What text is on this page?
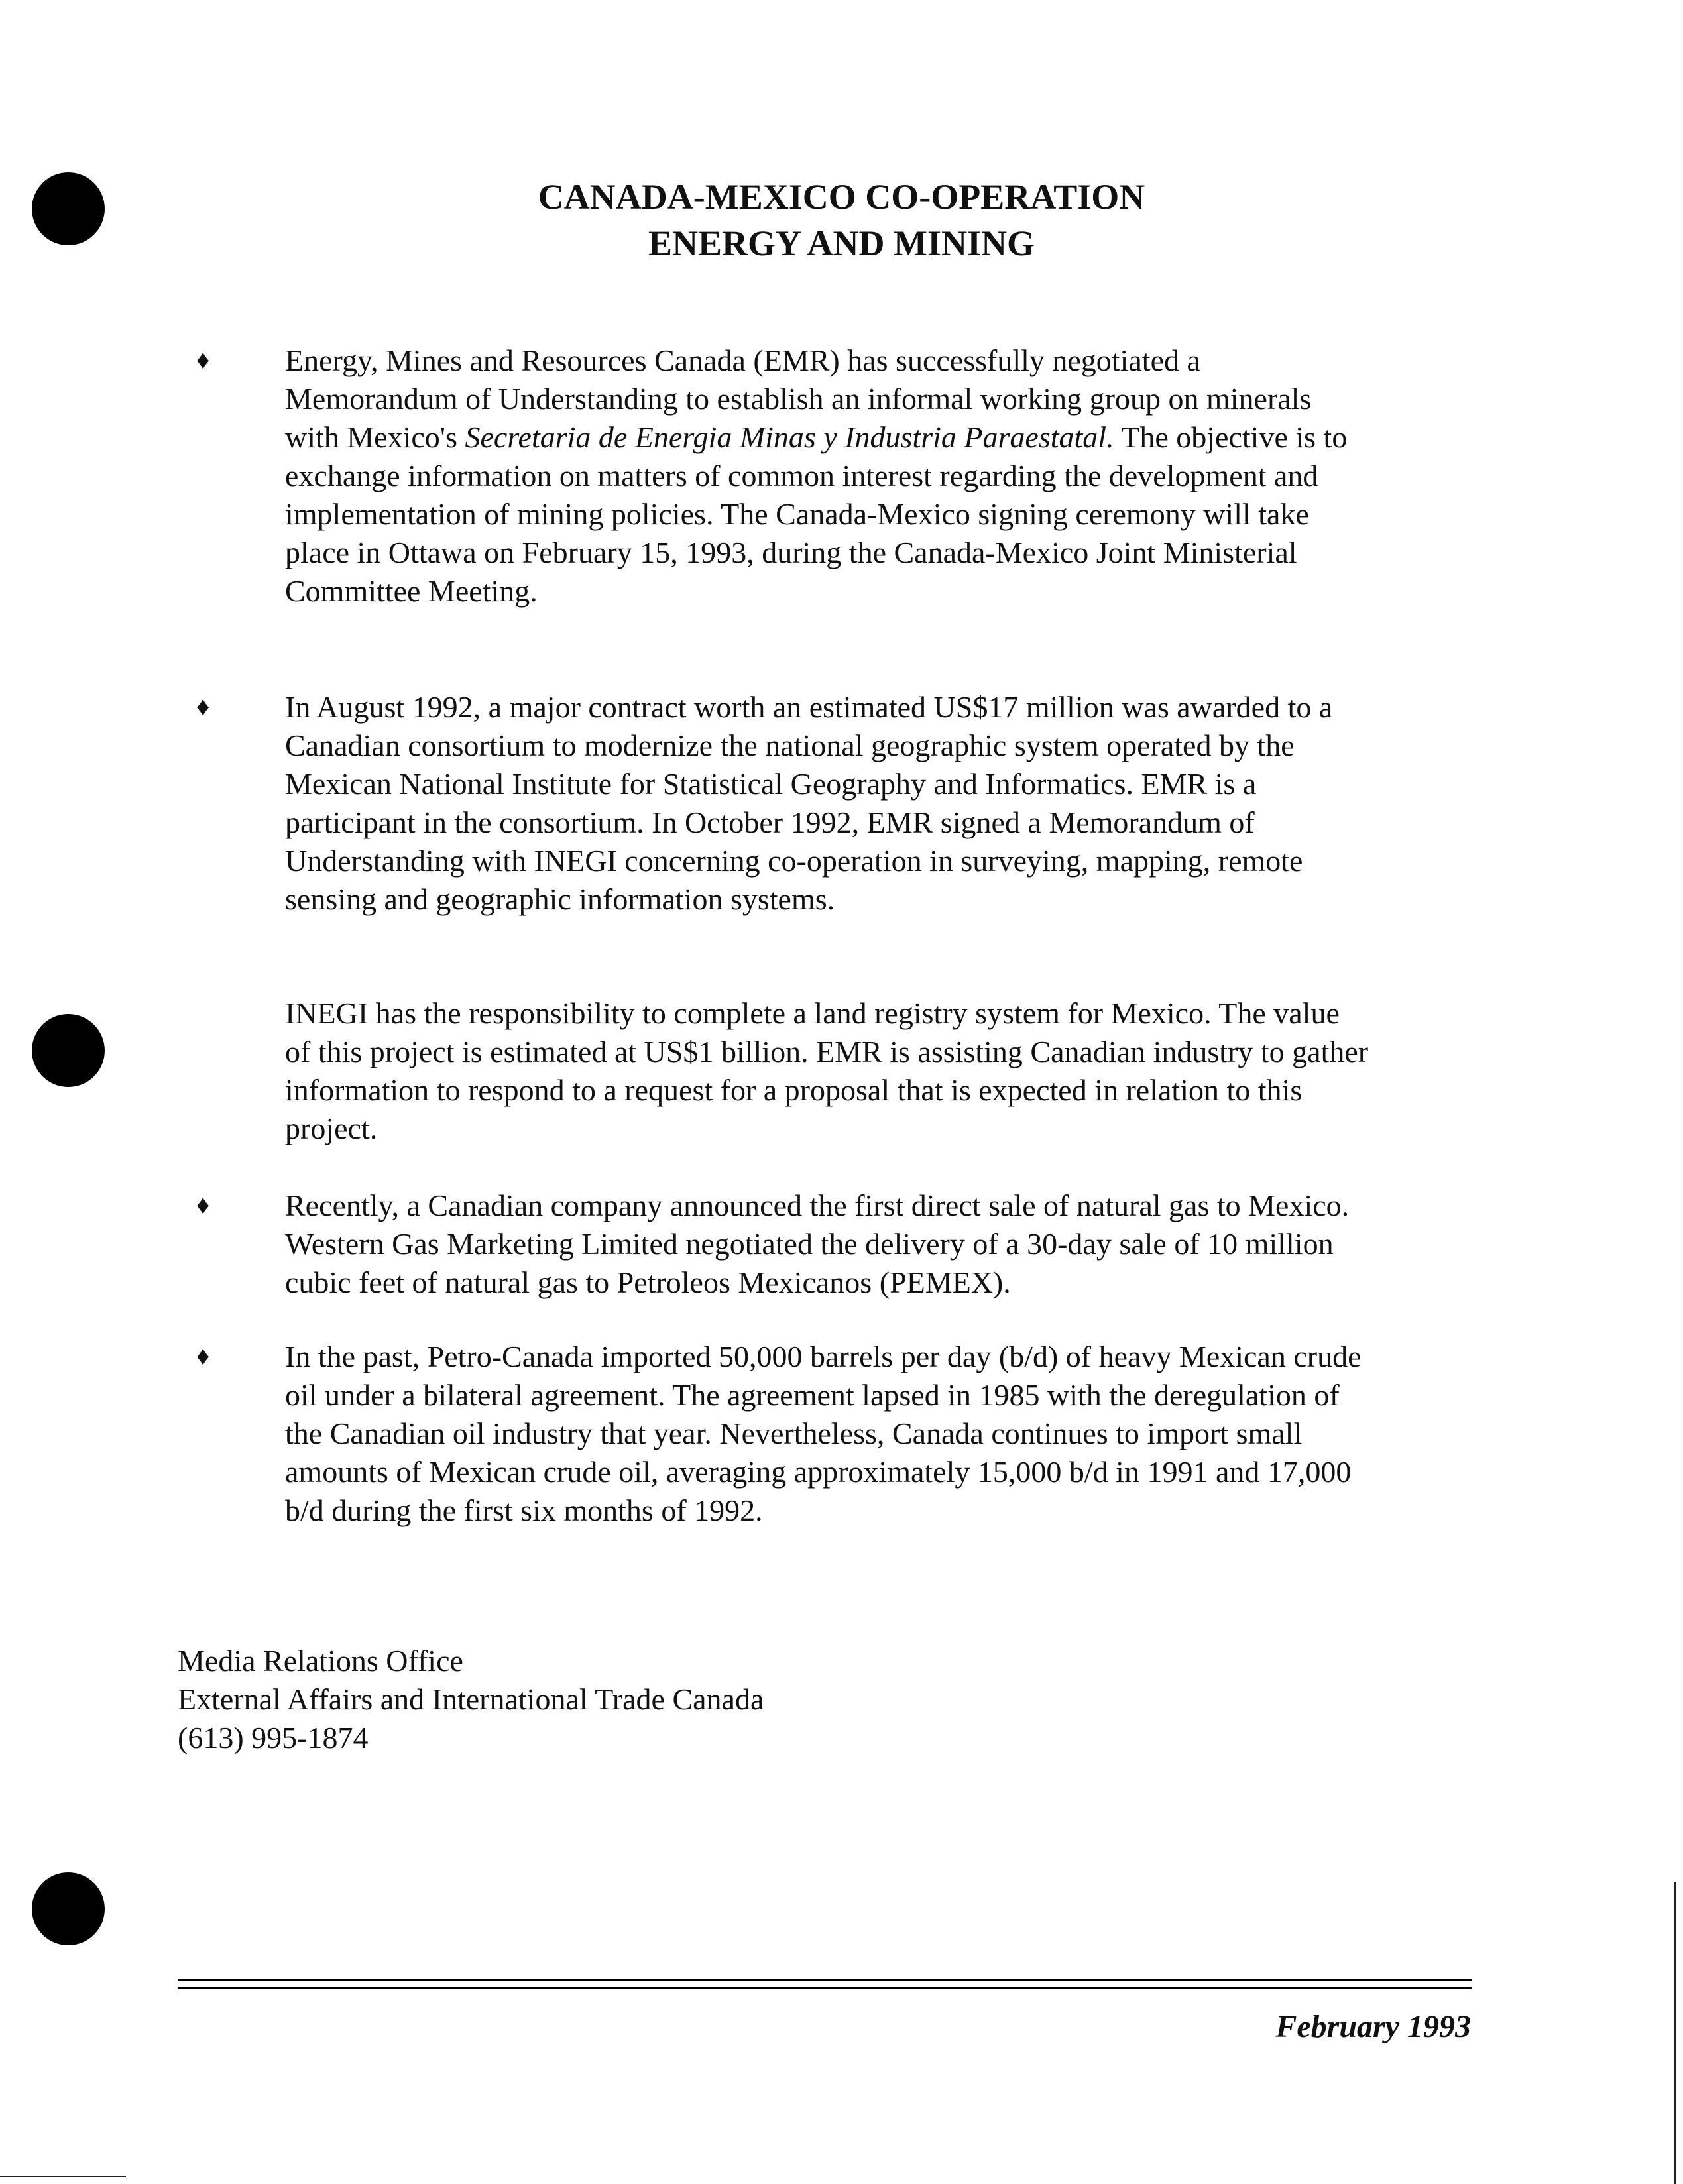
CANADA-MEXICO CO-OPERATION
ENERGY AND MINING
♦ Energy, Mines and Resources Canada (EMR) has successfully negotiated a Memorandum of Understanding to establish an informal working group on minerals with Mexico's Secretaria de Energia Minas y Industria Paraestatal. The objective is to exchange information on matters of common interest regarding the development and implementation of mining policies. The Canada-Mexico signing ceremony will take place in Ottawa on February 15, 1993, during the Canada-Mexico Joint Ministerial Committee Meeting.
♦ In August 1992, a major contract worth an estimated US$17 million was awarded to a Canadian consortium to modernize the national geographic system operated by the Mexican National Institute for Statistical Geography and Informatics. EMR is a participant in the consortium. In October 1992, EMR signed a Memorandum of Understanding with INEGI concerning co-operation in surveying, mapping, remote sensing and geographic information systems.
INEGI has the responsibility to complete a land registry system for Mexico. The value of this project is estimated at US$1 billion. EMR is assisting Canadian industry to gather information to respond to a request for a proposal that is expected in relation to this project.
♦ Recently, a Canadian company announced the first direct sale of natural gas to Mexico. Western Gas Marketing Limited negotiated the delivery of a 30-day sale of 10 million cubic feet of natural gas to Petroleos Mexicanos (PEMEX).
♦ In the past, Petro-Canada imported 50,000 barrels per day (b/d) of heavy Mexican crude oil under a bilateral agreement. The agreement lapsed in 1985 with the deregulation of the Canadian oil industry that year. Nevertheless, Canada continues to import small amounts of Mexican crude oil, averaging approximately 15,000 b/d in 1991 and 17,000 b/d during the first six months of 1992.
Media Relations Office
External Affairs and International Trade Canada
(613) 995-1874
February 1993
